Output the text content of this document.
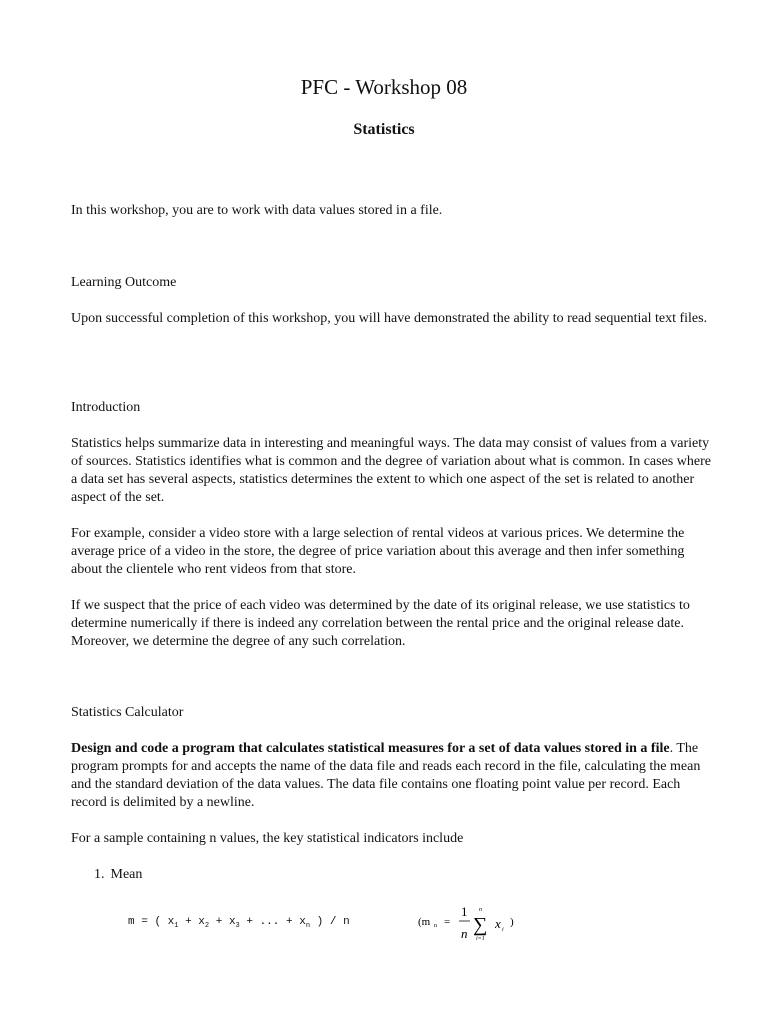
PFC - Workshop 08
Statistics

In this workshop, you are to work with data values stored in a file.

Learning Outcome

Upon successful completion of this workshop, you will have demonstrated the ability to read sequential text files.

Introduction

Statistics helps summarize data in interesting and meaningful ways. The data may consist of values from a variety of sources. Statistics identifies what is common and the degree of variation about what is common. In cases where a data set has several aspects, statistics determines the extent to which one aspect of the set is related to another aspect of the set.

For example, consider a video store with a large selection of rental videos at various prices. We determine the average price of a video in the store, the degree of price variation about this average and then infer something about the clientele who rent videos from that store.

If we suspect that the price of each video was determined by the date of its original release, we use statistics to determine numerically if there is indeed any correlation between the rental price and the original release date. Moreover, we determine the degree of any such correlation.

Statistics Calculator

Design and code a program that calculates statistical measures for a set of data values stored in a file. The program prompts for and accepts the name of the data file and reads each record in the file, calculating the mean and the standard deviation of the data values. The data file contains one floating point value per record. Each record is delimited by a newline.

For a sample containing n values, the key statistical indicators include

1. Mean
m = ( $x_1 + x_2 + x_3$ + ... + $x_n$ ) / n	(m n =
1
n
n
∑
i=1
x i
)
